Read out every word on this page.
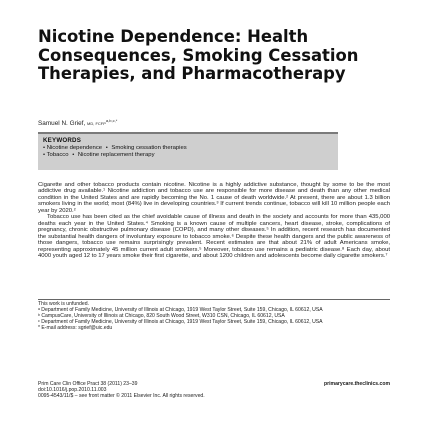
Nicotine Dependence: Health Consequences, Smoking Cessation Therapies, and Pharmacotherapy
Samuel N. Grief, MD, $FCFP^{a,b,c,*}$
KEYWORDS
• Nicotine dependence • Smoking cessation therapies
• Tobacco • Nicotine replacement therapy

Cigarette and other tobacco products contain nicotine. Nicotine is a highly addictive substance, thought by some to be the most addictive drug available.¹ Nicotine addiction and tobacco use are responsible for more disease and death than any other medical condition in the United States and are rapidly becoming the No. 1 cause of death worldwide.² At present, there are about 1.3 billion smokers living in the world; most (84%) live in developing countries.³ If current trends continue, tobacco will kill 10 million people each year by 2020.²

Tobacco use has been cited as the chief avoidable cause of illness and death in the society and accounts for more than 435,000 deaths each year in the United States.⁴ Smoking is a known cause of multiple cancers, heart disease, stroke, complications of pregnancy, chronic obstructive pulmonary disease (COPD), and many other diseases.⁵ In addition, recent research has documented the substantial health dangers of involuntary exposure to tobacco smoke.⁶ Despite these health dangers and the public awareness of those dangers, tobacco use remains surprisingly prevalent. Recent estimates are that about 21% of adult Americans smoke, representing approximately 45 million current adult smokers.⁵ Moreover, tobacco use remains a pediatric disease.⁸ Each day, about 4000 youth aged 12 to 17 years smoke their first cigarette, and about 1200 children and adolescents become daily cigarette smokers.⁷

This work is unfunded.

ᵃ Department of Family Medicine, University of Illinois at Chicago, 1919 West Taylor Street, Suite 159, Chicago, IL 60612, USA

ᵇ CampusCare, University of Illinois at Chicago, 820 South Wood Street, W310 CSN, Chicago, IL 60612, USA

ᶜ Department of Family Medicine, University of Illinois at Chicago, 1919 West Taylor Street, Suite 159, Chicago, IL 60612, USA

* E-mail address: sgrief@uic.edu

Prim Care Clin Office Pract 38 (2011) 23–39	primarycare.theclinics.com
doi:10.1016/j.pop.2010.11.003
0095-4543/11/$ – see front matter © 2011 Elsevier Inc. All rights reserved.
